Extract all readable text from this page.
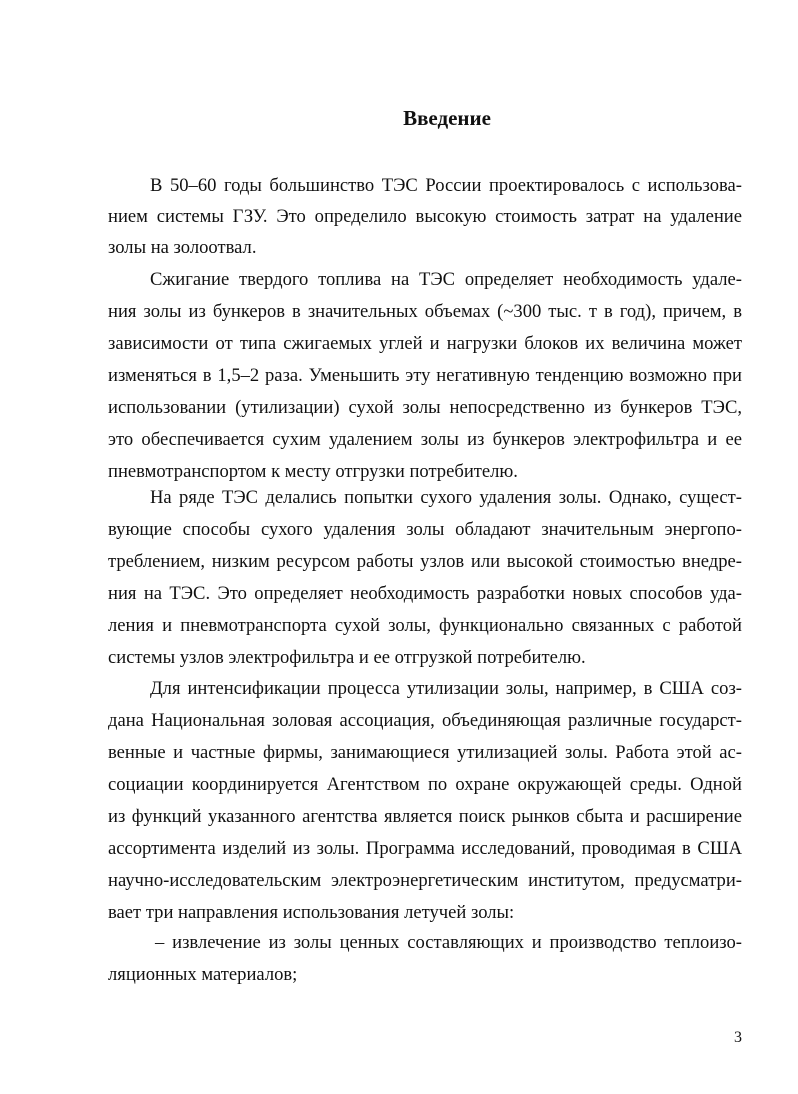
Введение
В 50–60 годы большинство ТЭС России проектировалось с использова-
нием системы ГЗУ. Это определило высокую стоимость затрат на удаление
золы на золоотвал.
Сжигание твердого топлива на ТЭС определяет необходимость удале-
ния золы из бункеров в значительных объемах (~300 тыс. т в год), причем, в
зависимости от типа сжигаемых углей и нагрузки блоков их величина может
изменяться в 1,5–2 раза. Уменьшить эту негативную тенденцию возможно при
использовании (утилизации) сухой золы непосредственно из бункеров ТЭС,
это обеспечивается сухим удалением золы из бункеров электрофильтра и ее
пневмотранспортом к месту отгрузки потребителю.
На ряде ТЭС делались попытки сухого удаления золы. Однако, сущест-
вующие способы сухого удаления золы обладают значительным энергопо-
треблением, низким ресурсом работы узлов или высокой стоимостью внедре-
ния на ТЭС. Это определяет необходимость разработки новых способов уда-
ления и пневмотранспорта сухой золы, функционально связанных с работой
системы узлов электрофильтра и ее отгрузкой потребителю.
Для интенсификации процесса утилизации золы, например, в США соз-
дана Национальная золовая ассоциация, объединяющая различные государст-
венные и частные фирмы, занимающиеся утилизацией золы. Работа этой ас-
социации координируется Агентством по охране окружающей среды. Одной
из функций указанного агентства является поиск рынков сбыта и расширение
ассортимента изделий из золы. Программа исследований, проводимая в США
научно-исследовательским электроэнергетическим институтом, предусматри-
вает три направления использования летучей золы:
– извлечение из золы ценных составляющих и производство теплоизо-
ляционных материалов;
3
